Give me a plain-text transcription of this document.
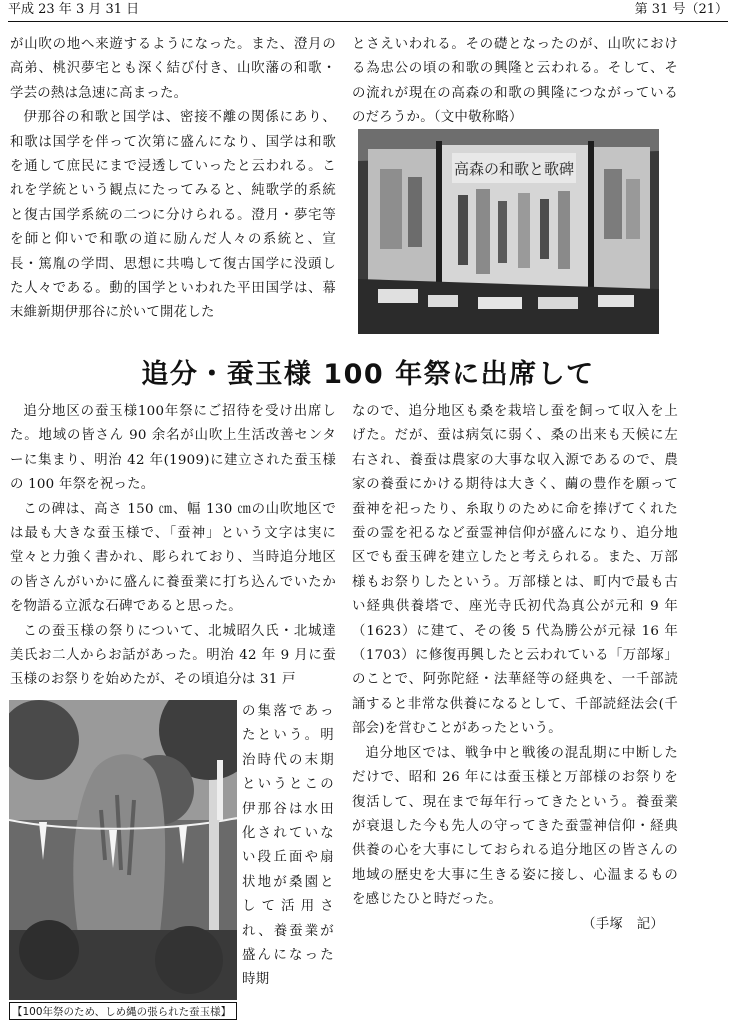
平成 23 年 3 月 31 日	第 31 号（21）

が山吹の地へ来遊するようになった。また、澄月の高弟、桃沢夢宅とも深く結び付き、山吹藩の和歌・学芸の熱は急速に高まった。

伊那谷の和歌と国学は、密接不離の関係にあり、和歌は国学を伴って次第に盛んになり、国学は和歌を通して庶民にまで浸透していったと云われる。これを学統という観点にたってみると、純歌学的系統と復古国学系統の二つに分けられる。澄月・夢宅等を師と仰いで和歌の道に励んだ人々の系統と、宣長・篤胤の学問、思想に共鳴して復古国学に没頭した人々である。動的国学といわれた平田国学は、幕末維新期伊那谷に於いて開花した

とさえいわれる。その礎となったのが、山吹における為忠公の頃の和歌の興隆と云われる。そして、その流れが現在の高森の和歌の興隆につながっているのだろうか。（文中敬称略）

高森の和歌と歌碑
追分・蚕玉様 100 年祭に出席して

追分地区の蚕玉様100年祭にご招待を受け出席した。地域の皆さん 90 余名が山吹上生活改善センターに集まり、明治 42 年(1909)に建立された蚕玉様の 100 年祭を祝った。

この碑は、高さ 150 ㎝、幅 130 ㎝の山吹地区では最も大きな蚕玉様で、「蚕神」という文字は実に堂々と力強く書かれ、彫られており、当時追分地区の皆さんがいかに盛んに養蚕業に打ち込んでいたかを物語る立派な石碑であると思った。

この蚕玉様の祭りについて、北城昭久氏・北城達美氏お二人からお話があった。明治 42 年 9 月に蚕玉様のお祭りを始めたが、その頃追分は 31 戸

【100年祭のため、しめ縄の張られた蚕玉様】

の集落であったという。明治時代の末期というとこの伊那谷は水田化されていない段丘面や扇状地が桑園として活用され、養蚕業が盛んになった時期

なので、追分地区も桑を栽培し蚕を飼って収入を上げた。だが、蚕は病気に弱く、桑の出来も天候に左右され、養蚕は農家の大事な収入源であるので、農家の養蚕にかける期待は大きく、繭の豊作を願って蚕神を祀ったり、糸取りのために命を捧げてくれた蚕の霊を祀るなど蚕霊神信仰が盛んになり、追分地区でも蚕玉碑を建立したと考えられる。また、万部様もお祭りしたという。万部様とは、町内で最も古い経典供養塔で、座光寺氏初代為真公が元和 9 年（1623）に建て、その後 5 代為勝公が元禄 16 年（1703）に修復再興したと云われている「万部塚」のことで、阿弥陀経・法華経等の経典を、一千部読誦すると非常な供養になるとして、千部読経法会(千部会)を営むことがあったという。

追分地区では、戦争中と戦後の混乱期に中断しただけで、昭和 26 年には蚕玉様と万部様のお祭りを復活して、現在まで毎年行ってきたという。養蚕業が衰退した今も先人の守ってきた蚕霊神信仰・経典供養の心を大事にしておられる追分地区の皆さんの地域の歴史を大事に生きる姿に接し、心温まるものを感じたひと時だった。

（手塚　記）
